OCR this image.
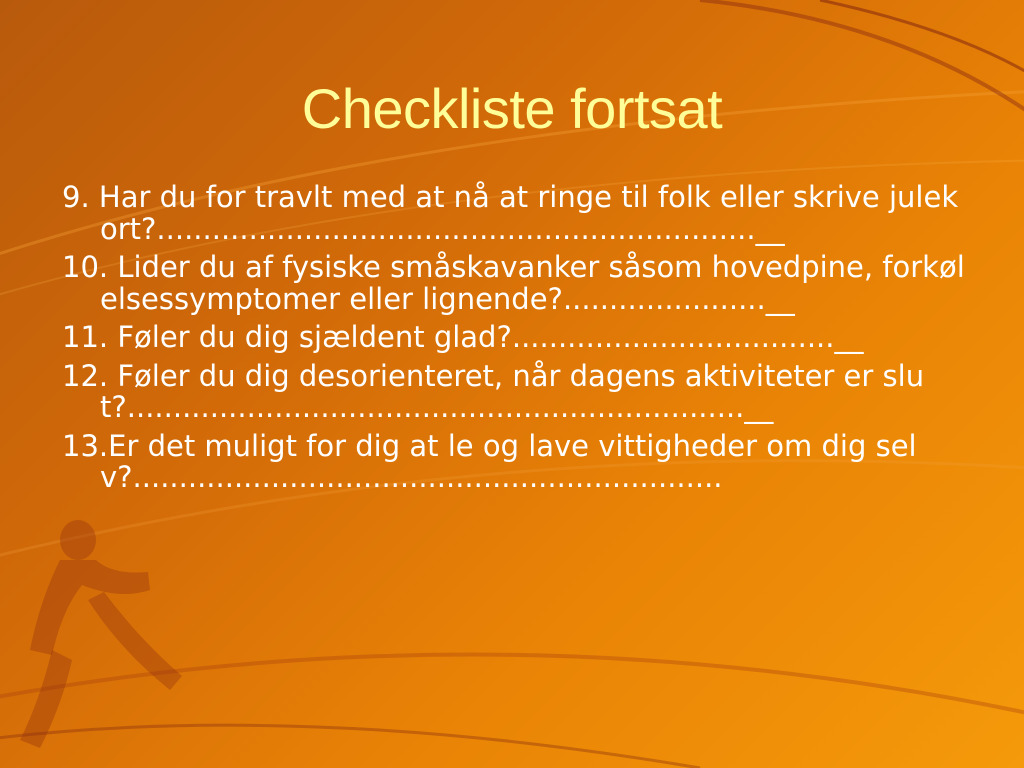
Checkliste fortsat
9. Har du for travlt med at nå at ringe til folk eller skrive julekort?.................................................................__
10. Lider du af fysiske småskavanker såsom hovedpine, forkølelsessymptomer eller lignende?......................__
11. Føler du dig sjældent glad?...................................__
12. Føler du dig desorienteret, når dagens aktiviteter er slut?...................................................................__
13.Er det muligt for dig at le og lave vittigheder om dig selv?................................................................
